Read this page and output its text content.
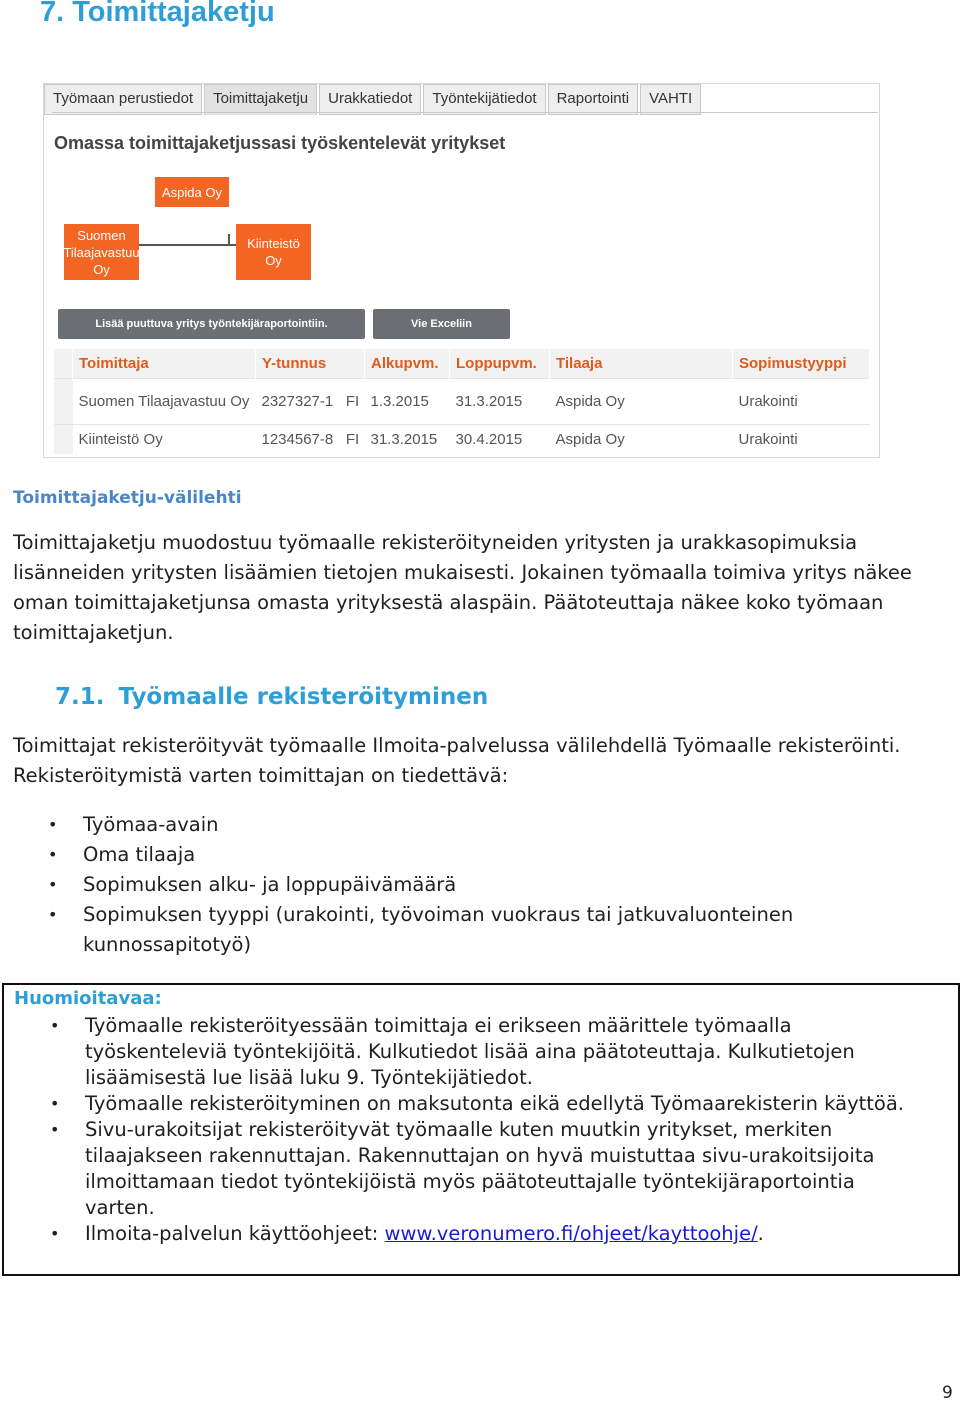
7. Toimittajaketju
Työmaan perustiedot	Toimittajaketju	Urakkatiedot	Työntekijätiedot	Raportointi	VAHTI
Omassa toimittajaketjussasi työskentelevät yritykset
Aspida Oy
Suomen
Tilaajavastuu
Oy
Kiinteistö
Oy
Lisää puuttuva yritys työntekijäraportointiin.	Vie Exceliin
	Toimittaja	Y-tunnus		Alkupvm.	Loppupvm.	Tilaaja	Sopimustyyppi
	Suomen Tilaajavastuu Oy	2327327-1	FI	1.3.2015	31.3.2015	Aspida Oy	Urakointi
	Kiinteistö Oy	1234567-8	FI	31.3.2015	30.4.2015	Aspida Oy	Urakointi
Toimittajaketju-välilehti
Toimittajaketju muodostuu työmaalle rekisteröityneiden yritysten ja urakkasopimuksia lisänneiden yritysten lisäämien tietojen mukaisesti. Jokainen työmaalla toimiva yritys näkee oman toimittajaketjunsa omasta yrityksestä alaspäin. Päätoteuttaja näkee koko työmaan toimittajaketjun.
7.1. Työmaalle rekisteröityminen
Toimittajat rekisteröityvät työmaalle Ilmoita-palvelussa välilehdellä Työmaalle rekisteröinti. Rekisteröitymistä varten toimittajan on tiedettävä:
• Työmaa-avain
• Oma tilaaja
• Sopimuksen alku- ja loppupäivämäärä
• Sopimuksen tyyppi (urakointi, työvoiman vuokraus tai jatkuvaluonteinen kunnossapitotyö)
Huomioitavaa:
• Työmaalle rekisteröityessään toimittaja ei erikseen määrittele työmaalla työskenteleviä työntekijöitä. Kulkutiedot lisää aina päätoteuttaja. Kulkutietojen lisäämisestä lue lisää luku 9. Työntekijätiedot.
• Työmaalle rekisteröityminen on maksutonta eikä edellytä Työmaarekisterin käyttöä.
• Sivu-urakoitsijat rekisteröityvät työmaalle kuten muutkin yritykset, merkiten tilaajakseen rakennuttajan. Rakennuttajan on hyvä muistuttaa sivu-urakoitsijoita ilmoittamaan tiedot työntekijöistä myös päätoteuttajalle työntekijäraportointia varten.
• Ilmoita-palvelun käyttöohjeet: www.veronumero.fi/ohjeet/kayttoohje/.
9
